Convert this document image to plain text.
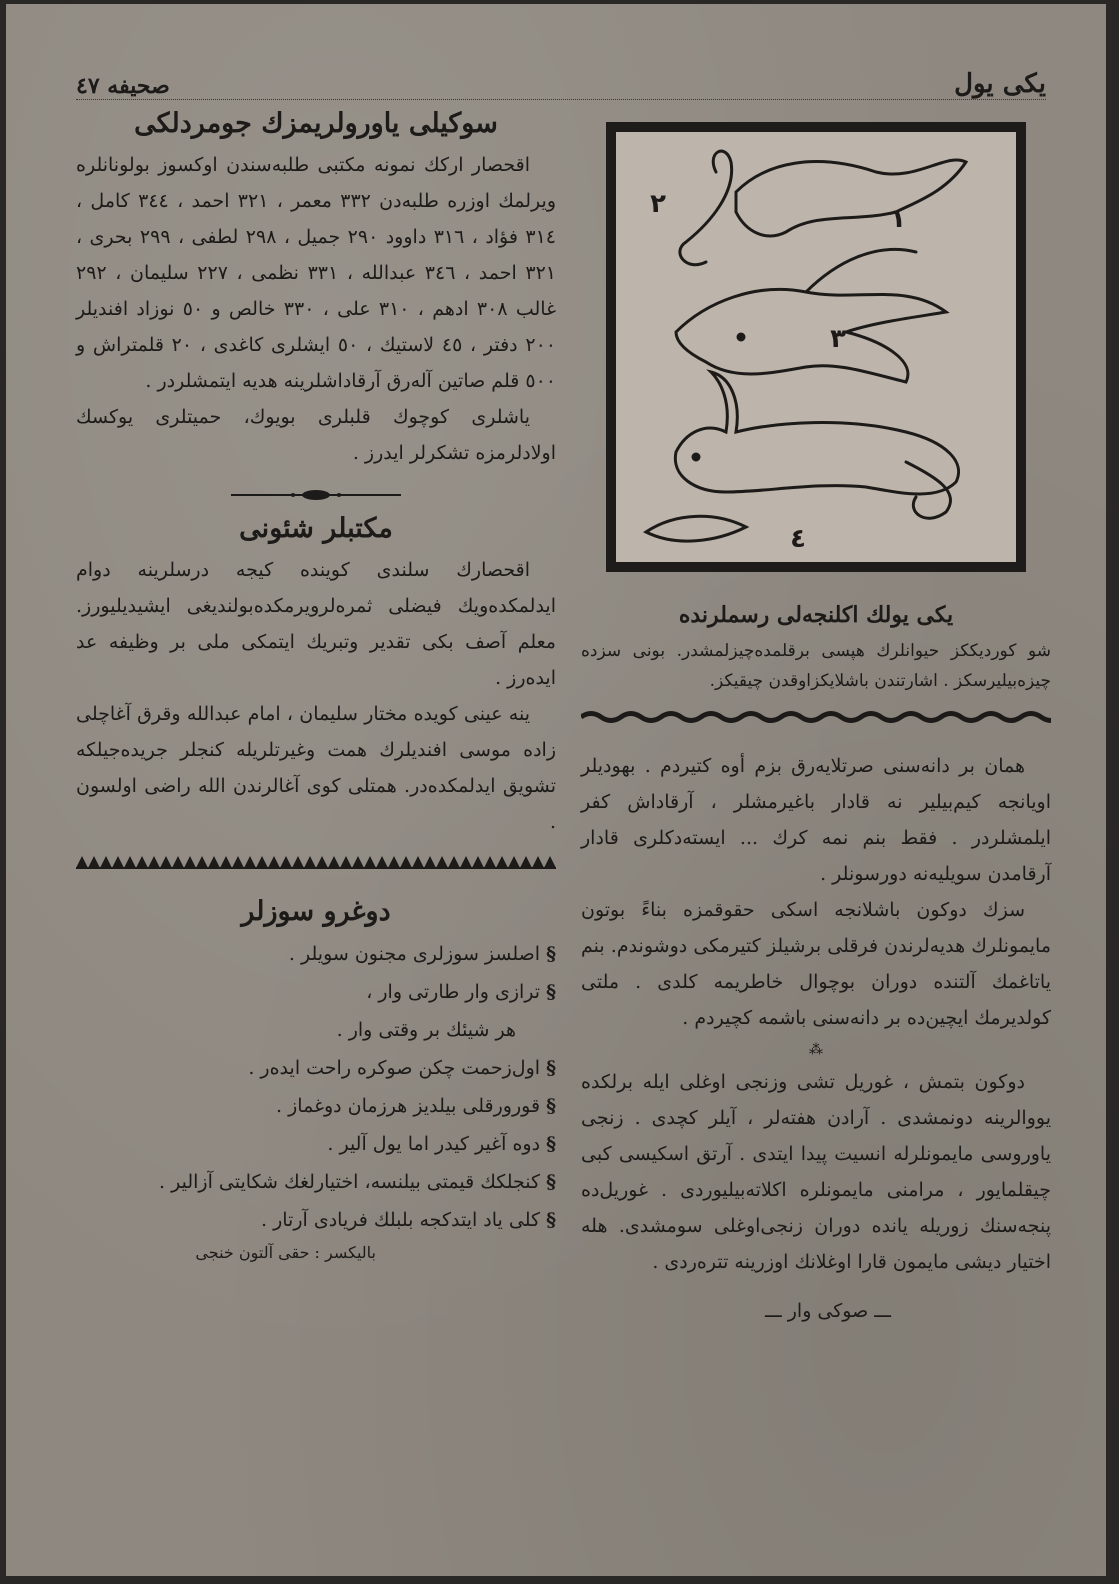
یکی یول
صحیفه ٤٧
سوکیلی یاورولریمزك جومردلکی

اقحصار اركك نمونه مکتبی طلبه‌سندن اوکسوز بولونانلره ویرلمك اوزره طلبه‌دن ٣٣٢ معمر ، ٣٢١ احمد ، ٣٤٤ کامل ، ٣١٤ فؤاد ، ٣١٦ داوود ٢٩٠ جمیل ، ٢٩٨ لطفی ، ٢٩٩ بحری ، ٣٢١ احمد ، ٣٤٦ عبدالله ، ٣٣١ نظمی ، ٢٢٧ سلیمان ، ٢٩٢ غالب ٣٠٨ ادهم ، ٣١٠ علی ، ٣٣٠ خالص و ٥٠ نوزاد افندیلر ٢٠٠ دفتر ، ٤٥ لاستیك ، ٥٠ ایشلری کاغدی ، ٢٠ قلمتراش و ٥٠٠ قلم صاتین آله‌رق آرقاداشلرینه هدیه ایتمشلردر .

یاشلری کوچوك قلبلری بویوك، حمیتلری یوکسك اولادلرمزه تشکرلر ایدرز .

مکتبلر شئونی

اقحصارك سلندی کوینده کیجه درسلرینه دوام ایدلمکده‌ویك فیضلی ثمره‌لرویرمکده‌بولندیغی ایشیدیلیورز. معلم آصف بکی تقدیر وتبریك ایتمکی ملی بر وظیفه عد ایده‌رز .

ینه عینی کویده مختار سلیمان ، امام عبدالله وقرق آغاچلی زاده موسی افندیلرك همت وغیرتلریله کنجلر جریده‌جیلکه تشویق ایدلمکده‌در. همتلی کوی آغالرندن الله راضی اولسون .

دوغرو سوزلر
§اصلسز سوزلری مجنون سویلر .
§ترازی وار طارتی وار ،
هر شیئك بر وقتی وار .
§اول‌زحمت چکن صوکره راحت ایده‌ر .
§قورورقلی بیلدیز هرزمان دوغماز .
§دوه آغیر کیدر اما یول آلیر .
§کنجلکك قیمتی بیلنسه، اختیارلغك شکایتی آزالیر .
§کلی یاد ایتدکجه بلبلك فریادی آرتار .
بالیکسر : حقی آلتون خنجی
١
٢
٣
٤
یکی یولك اکلنجه‌لی رسملرنده

شو کوردیککز حیوانلرك هپسی برقلمده‌چیزلمشدر. بونی سزده چیزه‌بیلیرسکز . اشارتندن باشلایکزاوقدن چیقیکز.

همان بر دانه‌سنی صرتلایه‌رق بزم أوه کتیردم . بهودیلر اویانجه کیم‌بیلیر نه قادار باغیرمشلر ، آرقاداش کفر ایلمشلردر . فقط بنم نمه کرك ... ایسته‌دکلری قادار آرقامدن سویلیه‌نه دورسونلر .

سزك دوکون باشلانجه اسکی حقوقمزه بناءً بوتون مایمونلرك هدیه‌لرندن فرقلی برشیلز کتیرمکی دوشوندم. بنم یاتاغمك آلتنده دوران بوچوال خاطریمه کلدی . ملتی کولدیرمك ایچین‌ده بر دانه‌سنی باشمه کچیردم .

⁂

دوکون بتمش ، غوریل تشی وزنجی اوغلی ایله برلکده یووالرینه دونمشدی . آرادن هفته‌لر ، آیلر کچدی . زنجی یاوروسی مایمونلرله انسیت پیدا ایتدی . آرتق اسکیسی کبی چیقلمایور ، مرامنی مایمونلره اکلاته‌بیلیوردی . غوریل‌ده پنجه‌سنك زوریله یانده دوران زنجی‌اوغلی سومشدی. هله اختیار دیشی مایمون قارا اوغلانك اوزرینه تتره‌ردی .

ـــ صوکی وار ـــ
